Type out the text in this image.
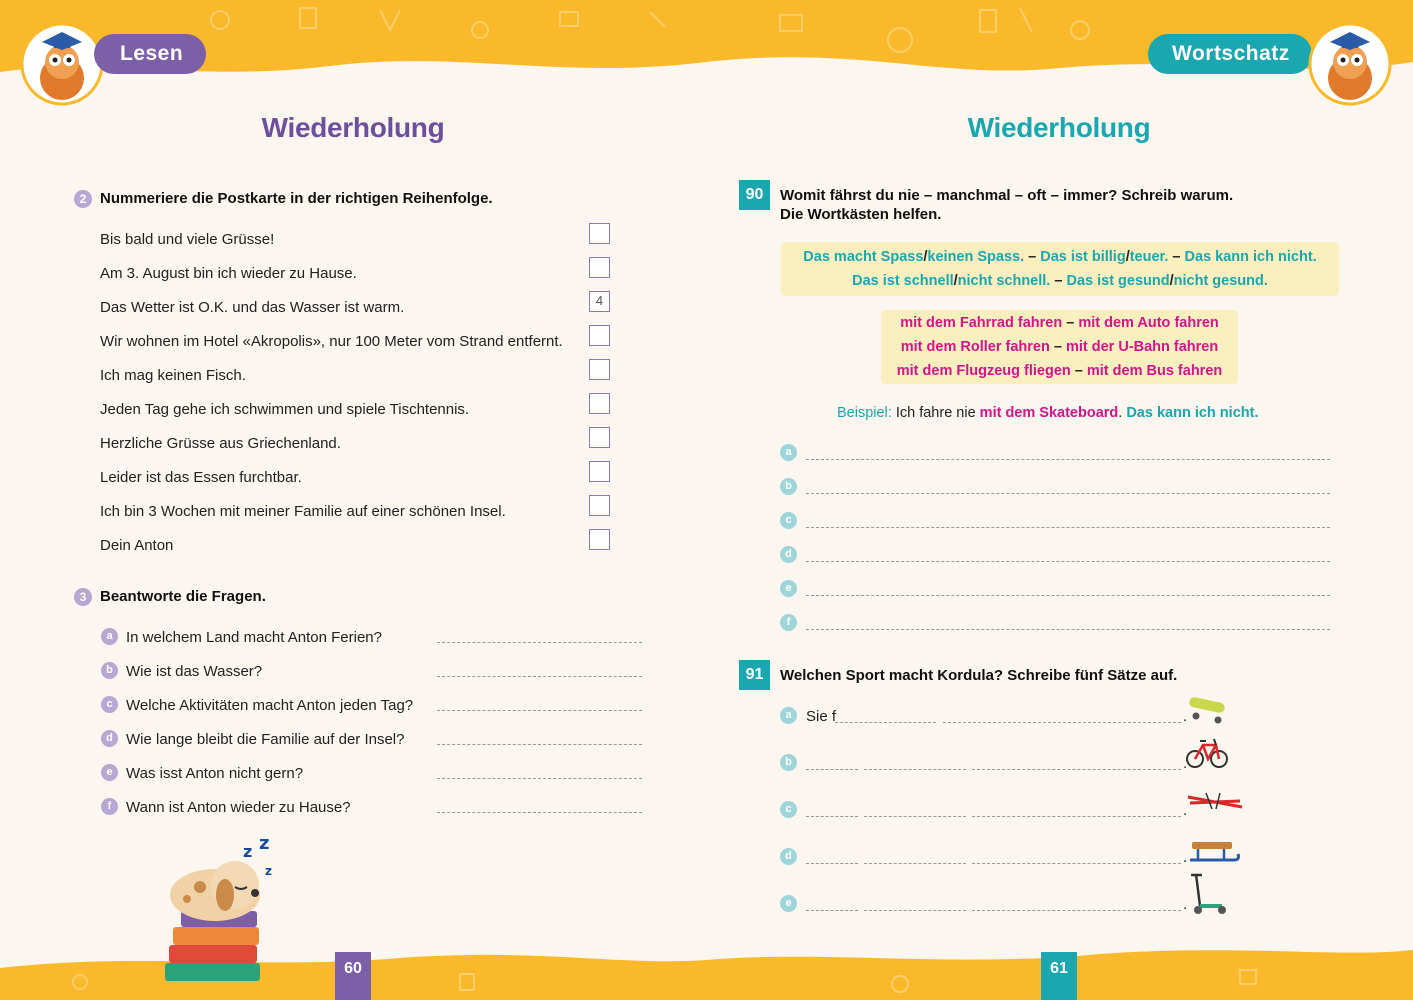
Lesen
Wiederholung
2 Nummeriere die Postkarte in der richtigen Reihenfolge.
Bis bald und viele Grüsse!
Am 3. August bin ich wieder zu Hause.
Das Wetter ist O.K. und das Wasser ist warm.	4
Wir wohnen im Hotel «Akropolis», nur 100 Meter vom Strand entfernt.
Ich mag keinen Fisch.
Jeden Tag gehe ich schwimmen und spiele Tischtennis.
Herzliche Grüsse aus Griechenland.
Leider ist das Essen furchtbar.
Ich bin 3 Wochen mit meiner Familie auf einer schönen Insel.
Dein Anton
3 Beantworte die Fragen.
a In welchem Land macht Anton Ferien?
b Wie ist das Wasser?
c Welche Aktivitäten macht Anton jeden Tag?
d Wie lange bleibt die Familie auf der Insel?
e Was isst Anton nicht gern?
f Wann ist Anton wieder zu Hause?
z z
z
60
Wortschatz
Wiederholung
90	Womit fährst du nie – manchmal – oft – immer? Schreib warum.
Die Wortkästen helfen.
Das macht Spass/keinen Spass. – Das ist billig/teuer. – Das kann ich nicht.
Das ist schnell/nicht schnell. – Das ist gesund/nicht gesund.
mit dem Fahrrad fahren – mit dem Auto fahren
mit dem Roller fahren – mit der U-Bahn fahren
mit dem Flugzeug fliegen – mit dem Bus fahren
Beispiel: Ich fahre nie mit dem Skateboard. Das kann ich nicht.
a
b
c
d
e
f
91	Welchen Sport macht Kordula? Schreibe fünf Sätze auf.
a Sie f	.
b	.
c	.
d	.
e	.
61
